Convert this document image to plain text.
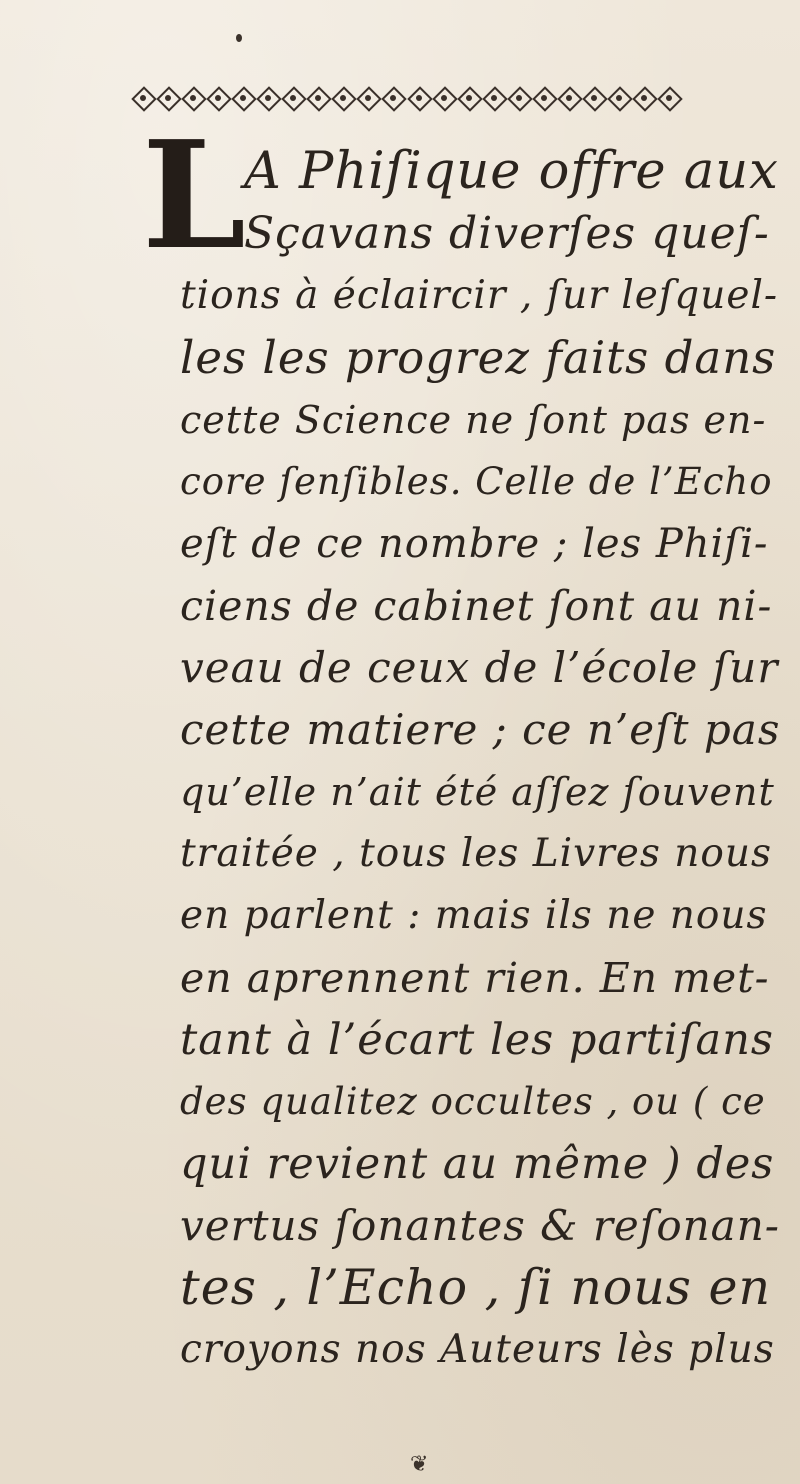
L
A Phiſique offre aux
Sçavans diverſes queſ-
tions à éclaircir , ſur leſquel-
les les progrez faits dans
cette Science ne ſont pas en-
core ſenſibles. Celle de l’Echo
eſt de ce nombre ; les Phiſi-
ciens de cabinet ſont au ni-
veau de ceux de l’école ſur
cette matiere ; ce n’eſt pas
qu’elle n’ait été aſſez ſouvent
traitée , tous les Livres nous
en parlent : mais ils ne nous
en aprennent rien. En met-
tant à l’écart les partiſans
des qualitez occultes , ou ( ce
qui revient au même ) des
vertus ſonantes & reſonan-
tes , l’Echo , ſi nous en
croyons nos Auteurs lès plus
❦
